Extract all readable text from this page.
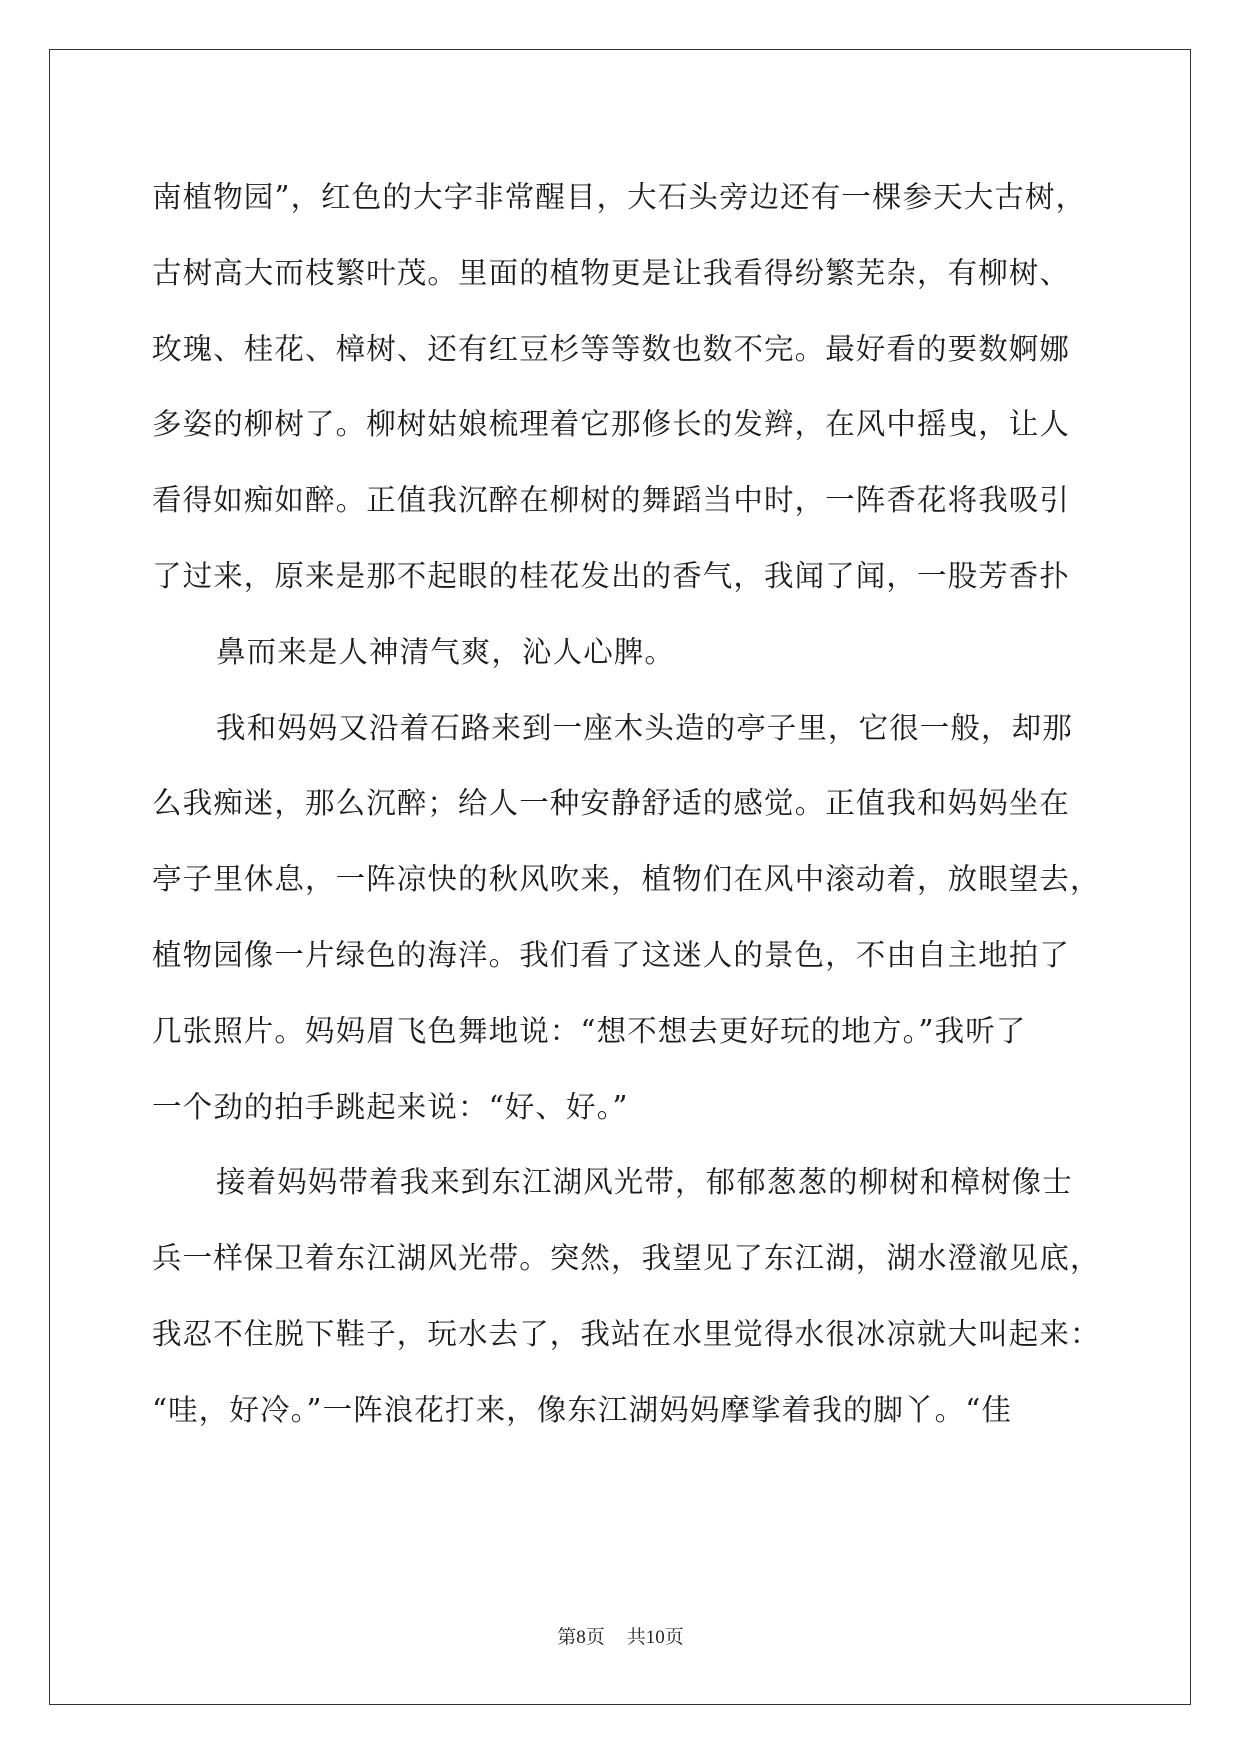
南植物园”，红色的大字非常醒目，大石头旁边还有一棵参天大古树，
古树高大而枝繁叶茂。里面的植物更是让我看得纷繁芜杂，有柳树、
玫瑰、桂花、樟树、还有红豆杉等等数也数不完。最好看的要数婀娜
多姿的柳树了。柳树姑娘梳理着它那修长的发辫，在风中摇曳，让人
看得如痴如醉。正值我沉醉在柳树的舞蹈当中时，一阵香花将我吸引
了过来，原来是那不起眼的桂花发出的香气，我闻了闻，一股芳香扑
鼻而来是人神清气爽，沁人心脾。
我和妈妈又沿着石路来到一座木头造的亭子里，它很一般，却那
么我痴迷，那么沉醉；给人一种安静舒适的感觉。正值我和妈妈坐在
亭子里休息，一阵凉快的秋风吹来，植物们在风中滚动着，放眼望去，
植物园像一片绿色的海洋。我们看了这迷人的景色，不由自主地拍了
几张照片。妈妈眉飞色舞地说：“想不想去更好玩的地方。”我听了
一个劲的拍手跳起来说：“好、好。”
接着妈妈带着我来到东江湖风光带，郁郁葱葱的柳树和樟树像士
兵一样保卫着东江湖风光带。突然，我望见了东江湖，湖水澄澈见底，
我忍不住脱下鞋子，玩水去了，我站在水里觉得水很冰凉就大叫起来：
“哇，好冷。”一阵浪花打来，像东江湖妈妈摩挲着我的脚丫。“佳
第8页 共10页
